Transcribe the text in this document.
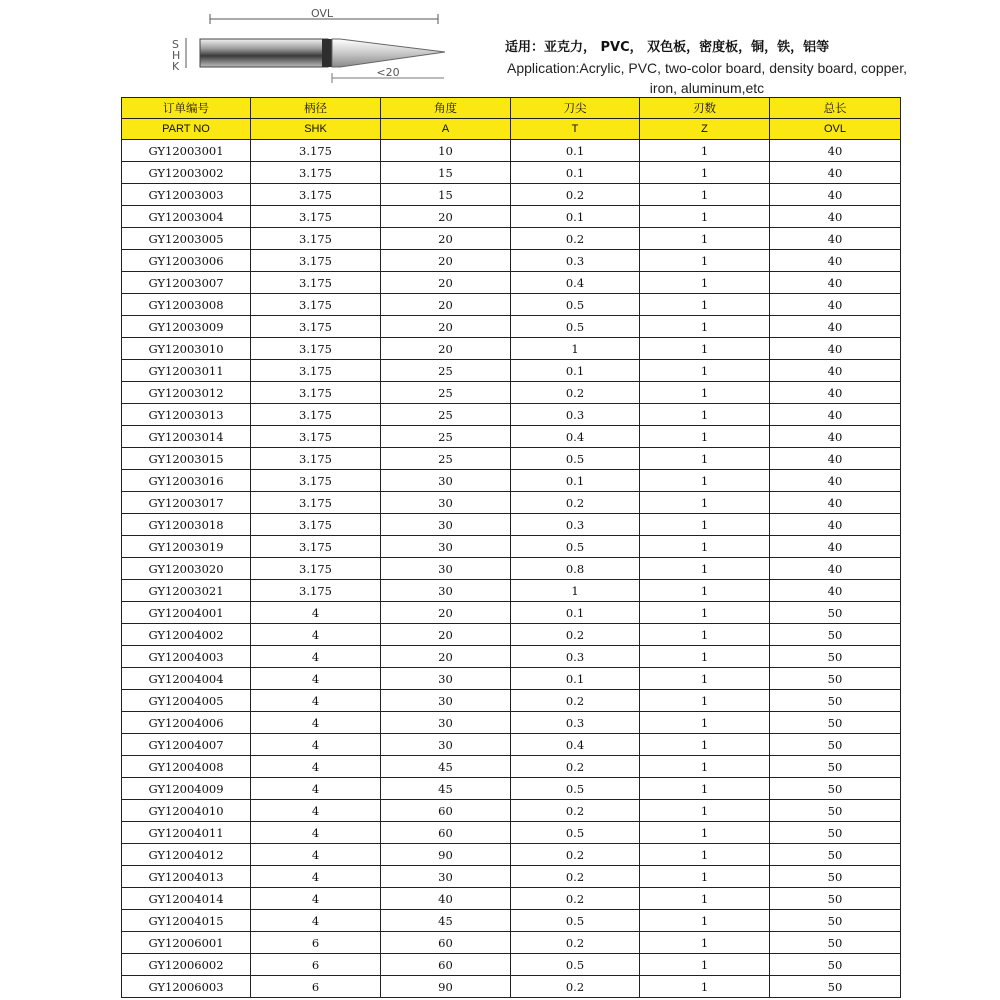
OVL
S
H
K	<20
适用：亚克力， PVC， 双色板，密度板，铜，铁，铝等
Application:Acrylic, PVC, two-color board, density board, copper, iron, aluminum,etc
订单编号	柄径	角度	刀尖	刃数	总长
PART NO	SHK	A	T	Z	OVL
GY12003001	3.175	10	0.1	1	40
GY12003002	3.175	15	0.1	1	40
GY12003003	3.175	15	0.2	1	40
GY12003004	3.175	20	0.1	1	40
GY12003005	3.175	20	0.2	1	40
GY12003006	3.175	20	0.3	1	40
GY12003007	3.175	20	0.4	1	40
GY12003008	3.175	20	0.5	1	40
GY12003009	3.175	20	0.5	1	40
GY12003010	3.175	20	1	1	40
GY12003011	3.175	25	0.1	1	40
GY12003012	3.175	25	0.2	1	40
GY12003013	3.175	25	0.3	1	40
GY12003014	3.175	25	0.4	1	40
GY12003015	3.175	25	0.5	1	40
GY12003016	3.175	30	0.1	1	40
GY12003017	3.175	30	0.2	1	40
GY12003018	3.175	30	0.3	1	40
GY12003019	3.175	30	0.5	1	40
GY12003020	3.175	30	0.8	1	40
GY12003021	3.175	30	1	1	40
GY12004001	4	20	0.1	1	50
GY12004002	4	20	0.2	1	50
GY12004003	4	20	0.3	1	50
GY12004004	4	30	0.1	1	50
GY12004005	4	30	0.2	1	50
GY12004006	4	30	0.3	1	50
GY12004007	4	30	0.4	1	50
GY12004008	4	45	0.2	1	50
GY12004009	4	45	0.5	1	50
GY12004010	4	60	0.2	1	50
GY12004011	4	60	0.5	1	50
GY12004012	4	90	0.2	1	50
GY12004013	4	30	0.2	1	50
GY12004014	4	40	0.2	1	50
GY12004015	4	45	0.5	1	50
GY12006001	6	60	0.2	1	50
GY12006002	6	60	0.5	1	50
GY12006003	6	90	0.2	1	50
